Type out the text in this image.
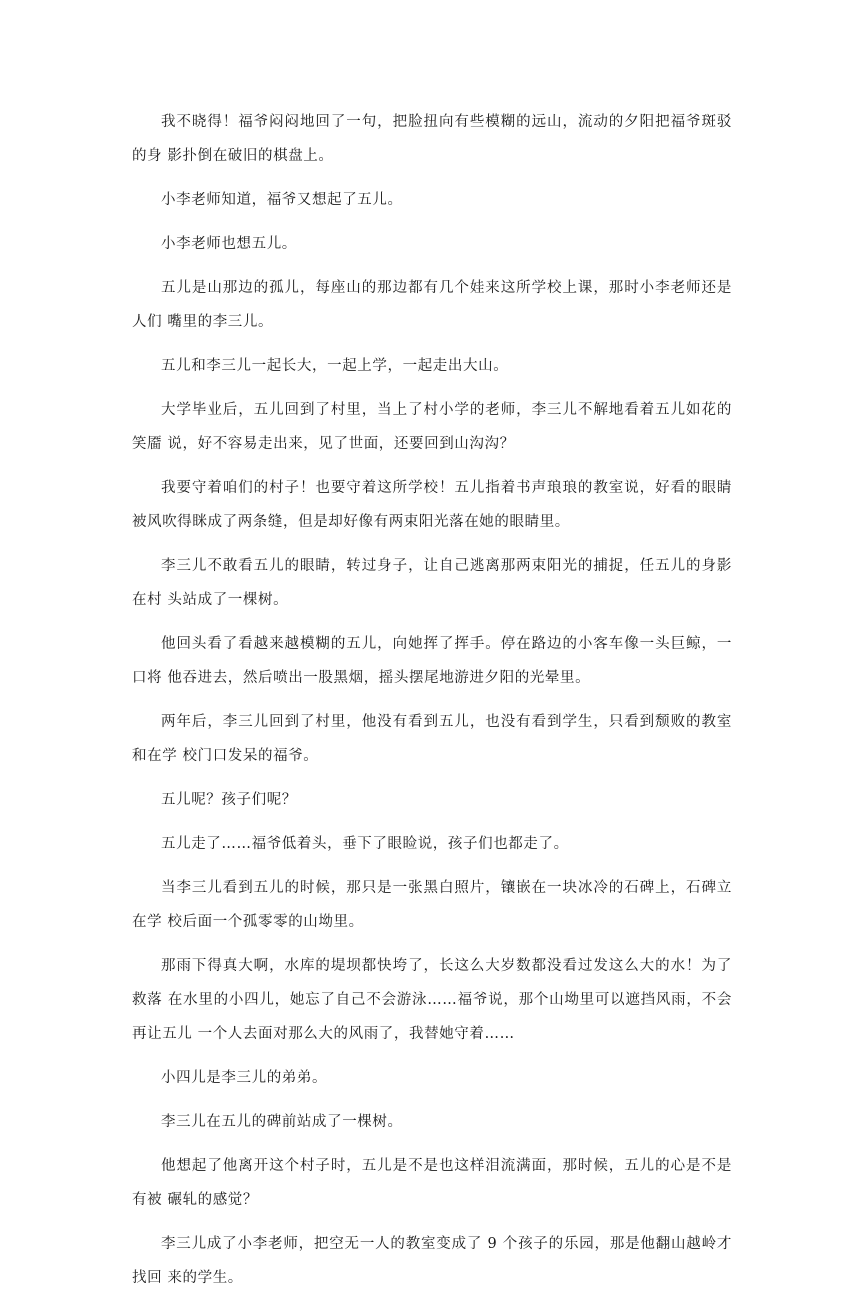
我不晓得！福爷闷闷地回了一句，把脸扭向有些模糊的远山，流动的夕阳把福爷斑驳的身 影扑倒在破旧的棋盘上。

小李老师知道，福爷又想起了五儿。

小李老师也想五儿。

五儿是山那边的孤儿，每座山的那边都有几个娃来这所学校上课，那时小李老师还是人们 嘴里的李三儿。

五儿和李三儿一起长大，一起上学，一起走出大山。

大学毕业后，五儿回到了村里，当上了村小学的老师，李三儿不解地看着五儿如花的笑靥 说，好不容易走出来，见了世面，还要回到山沟沟？

我要守着咱们的村子！也要守着这所学校！五儿指着书声琅琅的教室说，好看的眼睛被风吹得眯成了两条缝，但是却好像有两束阳光落在她的眼睛里。

李三儿不敢看五儿的眼睛，转过身子，让自己逃离那两束阳光的捕捉，任五儿的身影在村 头站成了一棵树。

他回头看了看越来越模糊的五儿，向她挥了挥手。停在路边的小客车像一头巨鲸，一口将 他吞进去，然后喷出一股黑烟，摇头摆尾地游进夕阳的光晕里。

两年后，李三儿回到了村里，他没有看到五儿，也没有看到学生，只看到颓败的教室和在学 校门口发呆的福爷。

五儿呢？孩子们呢？

五儿走了……福爷低着头，垂下了眼睑说，孩子们也都走了。

当李三儿看到五儿的时候，那只是一张黑白照片，镶嵌在一块冰冷的石碑上，石碑立在学 校后面一个孤零零的山坳里。

那雨下得真大啊，水库的堤坝都快垮了，长这么大岁数都没看过发这么大的水！为了救落 在水里的小四儿，她忘了自己不会游泳……福爷说，那个山坳里可以遮挡风雨，不会再让五儿 一个人去面对那么大的风雨了，我替她守着……

小四儿是李三儿的弟弟。

李三儿在五儿的碑前站成了一棵树。

他想起了他离开这个村子时，五儿是不是也这样泪流满面，那时候，五儿的心是不是有被 碾轧的感觉？

李三儿成了小李老师，把空无一人的教室变成了 9 个孩子的乐园，那是他翻山越岭才找回 来的学生。
